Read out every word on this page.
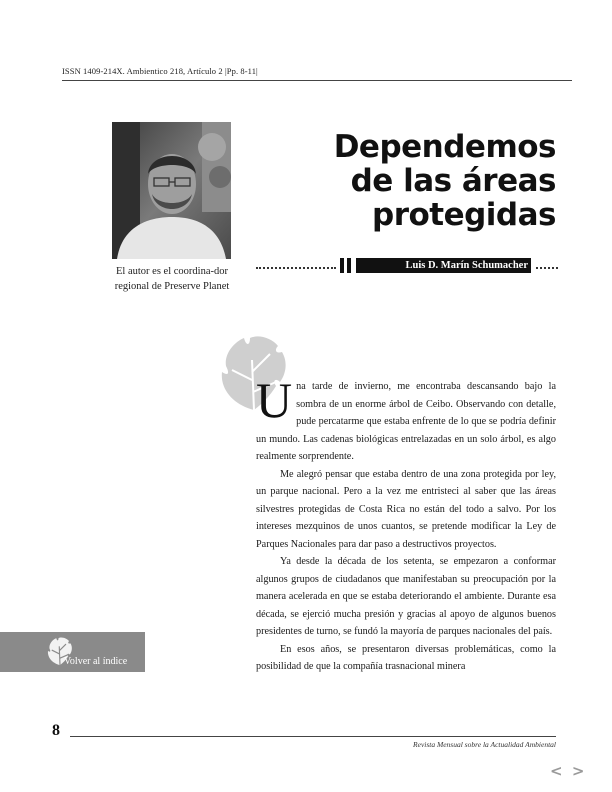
ISSN 1409-214X. Ambientico 218, Artículo 2 |Pp. 8-11|
El autor es el coordina-dor regional de Preserve Planet
Dependemos
de las áreas
protegidas
Luis D. Marín Schumacher

Una tarde de invierno, me encontraba descansando bajo la sombra de un enorme árbol de Ceibo. Observando con detalle, pude percatarme que estaba enfrente de lo que se podría definir un mundo. Las cadenas biológicas entrelazadas en un solo árbol, es algo realmente sorprendente.

Me alegró pensar que estaba dentro de una zona protegida por ley, un parque nacional. Pero a la vez me entristeci al saber que las áreas silvestres protegidas de Costa Rica no están del todo a salvo. Por los intereses mezquinos de unos cuantos, se pretende modificar la Ley de Parques Nacionales para dar paso a destructivos proyectos.

Ya desde la década de los setenta, se empezaron a conformar algunos grupos de ciudadanos que manifestaban su preocupación por la manera acelerada en que se estaba deteriorando el ambiente. Durante esa década, se ejerció mucha presión y gracias al apoyo de algunos buenos presidentes de turno, se fundó la mayoría de parques nacionales del país.

En esos años, se presentaron diversas problemáticas, como la posibilidad de que la compañía trasnacional minera

Volver al índice
8
Revista Mensual sobre la Actualidad Ambiental
< >
